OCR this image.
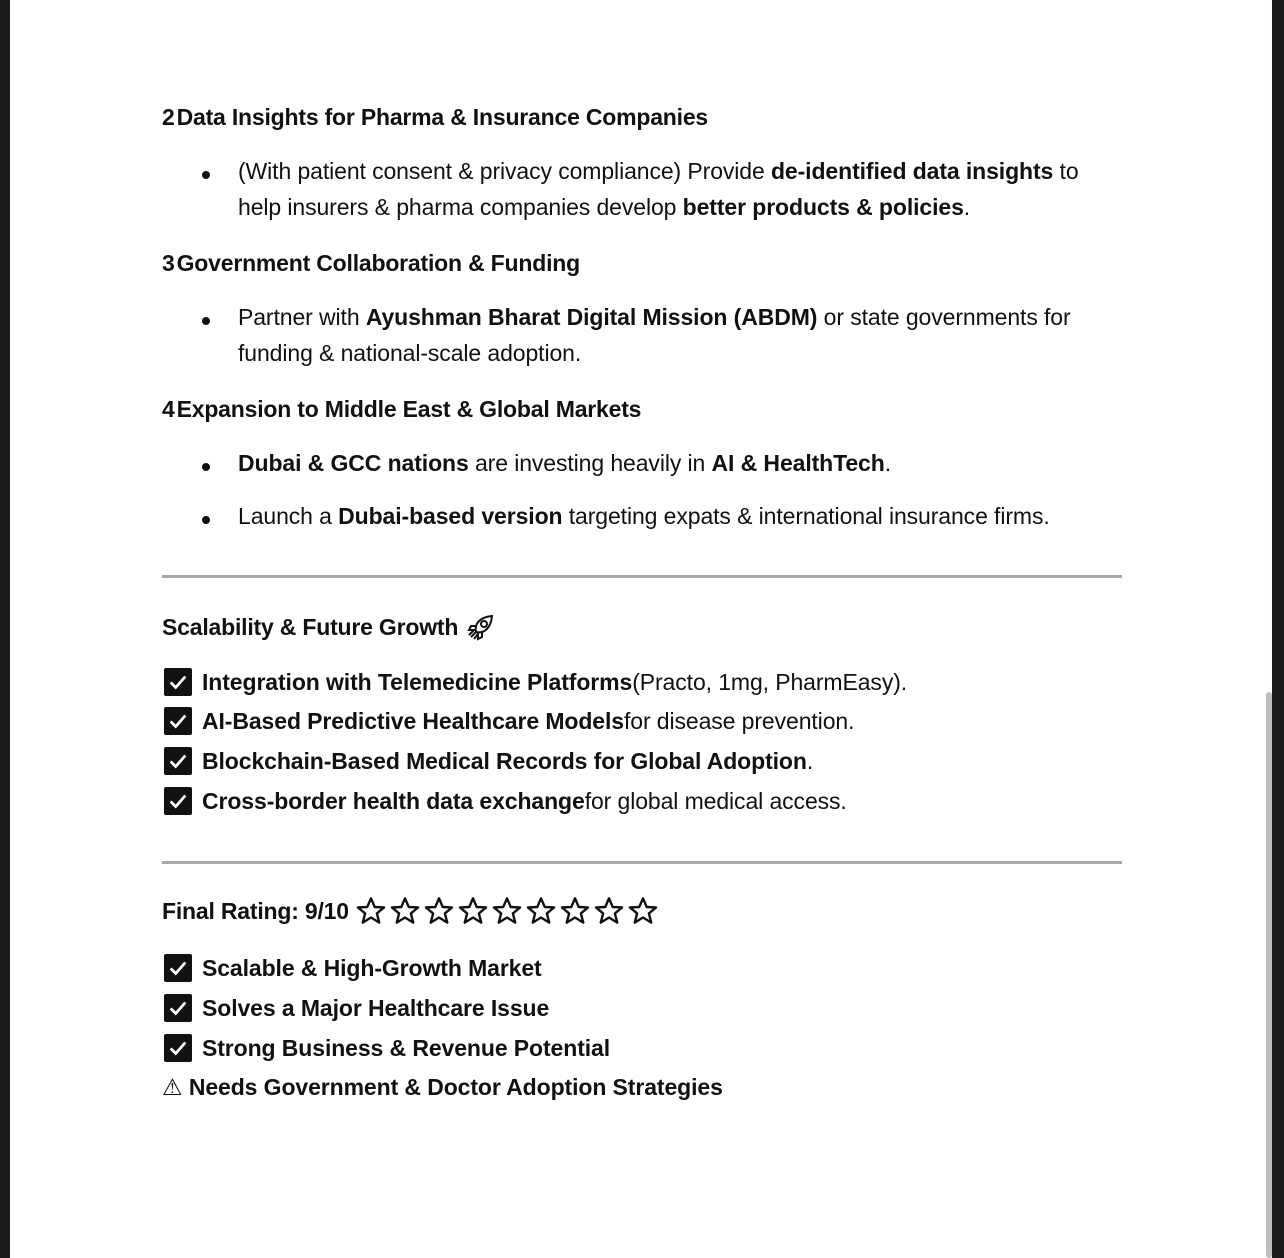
2Data Insights for Pharma & Insurance Companies
(With patient consent & privacy compliance) Provide de-identified data insights to
help insurers & pharma companies develop better products & policies.
3Government Collaboration & Funding
Partner with Ayushman Bharat Digital Mission (ABDM) or state governments for
funding & national-scale adoption.
4Expansion to Middle East & Global Markets
Dubai & GCC nations are investing heavily in AI & HealthTech.
Launch a Dubai-based version targeting expats & international insurance firms.
Scalability & Future Growth
Integration with Telemedicine Platforms (Practo, 1mg, PharmEasy).
AI-Based Predictive Healthcare Models for disease prevention.
Blockchain-Based Medical Records for Global Adoption .
Cross-border health data exchange for global medical access.
Final Rating: 9/10
Scalable & High-Growth Market
Solves a Major Healthcare Issue
Strong Business & Revenue Potential
⚠ Needs Government & Doctor Adoption Strategies
